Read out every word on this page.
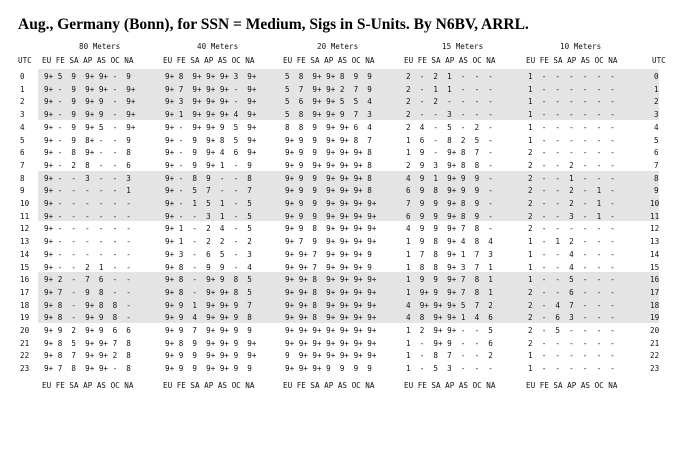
Aug., Germany (Bonn), for SSN = Medium, Sigs in S-Units. By N6BV, ARRL.
80 Meters	40 Meters	20 Meters	15 Meters	10 Meters
UTC EU FE SA AP AS OC NA	EU FE SA AP AS OC NA	EU FE SA AP AS OC NA	EU FE SA AP AS OC NA	EU FE SA AP AS OC NA	UTC
0	9+ 5  9  9+ 9+ -  9	9+ 8  9+ 9+ 9+ 3  9+	5  8  9+ 9+ 8  9  9	2  -  2  1  -  -  -	1  -  -  -  -  -  -	0
1	9+ -  9  9+ 9+ -  9+	9+ 7  9+ 9+ 9+ -  9+	5  7  9+ 9+ 2  7  9	2  -  1  1  -  -  -	1  -  -  -  -  -  -	1
2	9+ -  9  9+ 9  -  9+	9+ 3  9+ 9+ 9+ -  9+	5  6  9+ 9+ 5  5  4	2  -  2  -  -  -  -	1  -  -  -  -  -  -	2
3	9+ -  9  9+ 9  -  9+	9+ 1  9+ 9+ 9+ 4  9+	5  8  9+ 9+ 9  7  3	2  -  -  3  -  -  -	1  -  -  -  -  -  -	3
4	9+ -  9  9+ 5  -  9+	9+ -  9+ 9+ 9  5  9+	8  8  9  9+ 9+ 6  4	2  4  -  5  -  2  -	1  -  -  -  -  -  -	4
5	9+ -  9  8+ -  -  9	9+ -  9  9+ 8  5  9+	9+ 9  9  9+ 9+ 8  7	1  6  -  8  2  5  -	1  -  -  -  -  -  -	5
6	9+ -  8  9+ -  -  8	9+ -  9  9+ 4  6  9+	9+ 9  9  9+ 9+ 9+ 8	1  9  -  9+ 8  7  -	2  -  -  -  -  -  -	6
7	9+ -  2  8  -  -  6	9+ -  9  9+ 1  -  9	9+ 9  9+ 9+ 9+ 9+ 8	2  9  3  9+ 8  8  -	2  -  -  2  -  -  -	7
8	9+ -  -  3  -  -  3	9+ -  8  9  -  -  8	9+ 9  9  9+ 9+ 9+ 8	4  9  1  9+ 9  9  -	2  -  -  1  -  -  -	8
9	9+ -  -  -  -  -  1	9+ -  5  7  -  -  7	9+ 9  9  9+ 9+ 9+ 8	6  9  8  9+ 9  9  -	2  -  -  2  -  1  -	9
10 9+ -  -  -  -  -  -	9+ -  1  5  1  -  5	9+ 9  9  9+ 9+ 9+ 9+	7  9  9  9+ 8  9  -	2  -  -  2  -  1  -	10
11 9+ -  -  -  -  -  -	9+ -  -  3  1  -  5	9+ 9  9  9+ 9+ 9+ 9+	6  9  9  9+ 8  9  -	2  -  -  3  -  1  -	11
12 9+ -  -  -  -  -  -	9+ 1  -  2  4  -  5	9+ 9  8  9+ 9+ 9+ 9+	4  9  9  9+ 7  8  -	2  -  -  -  -  -  -	12
13 9+ -  -  -  -  -  -	9+ 1  -  2  2  -  2	9+ 7  9  9+ 9+ 9+ 9+	1  9  8  9+ 4  8  4	1  -  1  2  -  -  -	13
14 9+ -  -  -  -  -  -	9+ 3  -  6  5  -  3	9+ 9+ 7  9+ 9+ 9+ 9	1  7  8  9+ 1  7  3	1  -  -  4  -  -  -	14
15 9+ -  -  2  1  -  -	9+ 8  -  9  9  -  4	9+ 9+ 7  9+ 9+ 9+ 9	1  8  8  9+ 3  7  1	1  -  -  4  -  -  -	15
16 9+ 2  -  7  6  -  -	9+ 8  -  9+ 9  8  5	9+ 9+ 8  9+ 9+ 9+ 9+	1  9  9  9+ 7  8  1	1  -  -  5  -  -  -	16
17 9+ 7  -  9  8  -  -	9+ 8  -  9+ 9+ 8  5	9+ 9+ 8  9+ 9+ 9+ 9+	1  9+ 9  9+ 7  8  1	2  -  -  6  -  -  -	17
18 9+ 8  -  9+ 8  8  -	9+ 9  1  9+ 9+ 9  7	9+ 9+ 8  9+ 9+ 9+ 9+	4  9+ 9+ 9+ 5  7  2	2  -  4  7  -  -  -	18
19 9+ 8  -  9+ 9  8  -	9+ 9  4  9+ 9+ 9  8	9+ 9+ 8  9+ 9+ 9+ 9+	4  8  9+ 9+ 1  4  6	2  -  6  3  -  -  -	19
20 9+ 9  2  9+ 9  6  6	9+ 9  7  9+ 9+ 9  9	9+ 9+ 9+ 9+ 9+ 9+ 9+	1  2  9+ 9+ -  -  5	2  -  5  -  -  -  -	20
21 9+ 8  5  9+ 9+ 7  8	9+ 8  9  9+ 9+ 9  9+	9+ 9+ 9+ 9+ 9+ 9+ 9+	1  -  9+ 9  -  -  6	2  -  -  -  -  -  -	21
22 9+ 8  7  9+ 9+ 2  8	9+ 9  9  9+ 9+ 9  9+	9  9+ 9+ 9+ 9+ 9+ 9+	1  -  8  7  -  -  2	1  -  -  -  -  -  -	22
23 9+ 7  8  9+ 9+ -  8	9+ 9  9  9+ 9+ 9  9	9+ 9+ 9+ 9  9  9  9	1  -  5  3  -  -  -	1  -  -  -  -  -  -	23
EU FE SA AP AS OC NA	EU FE SA AP AS OC NA	EU FE SA AP AS OC NA	EU FE SA AP AS OC NA	EU FE SA AP AS OC NA
